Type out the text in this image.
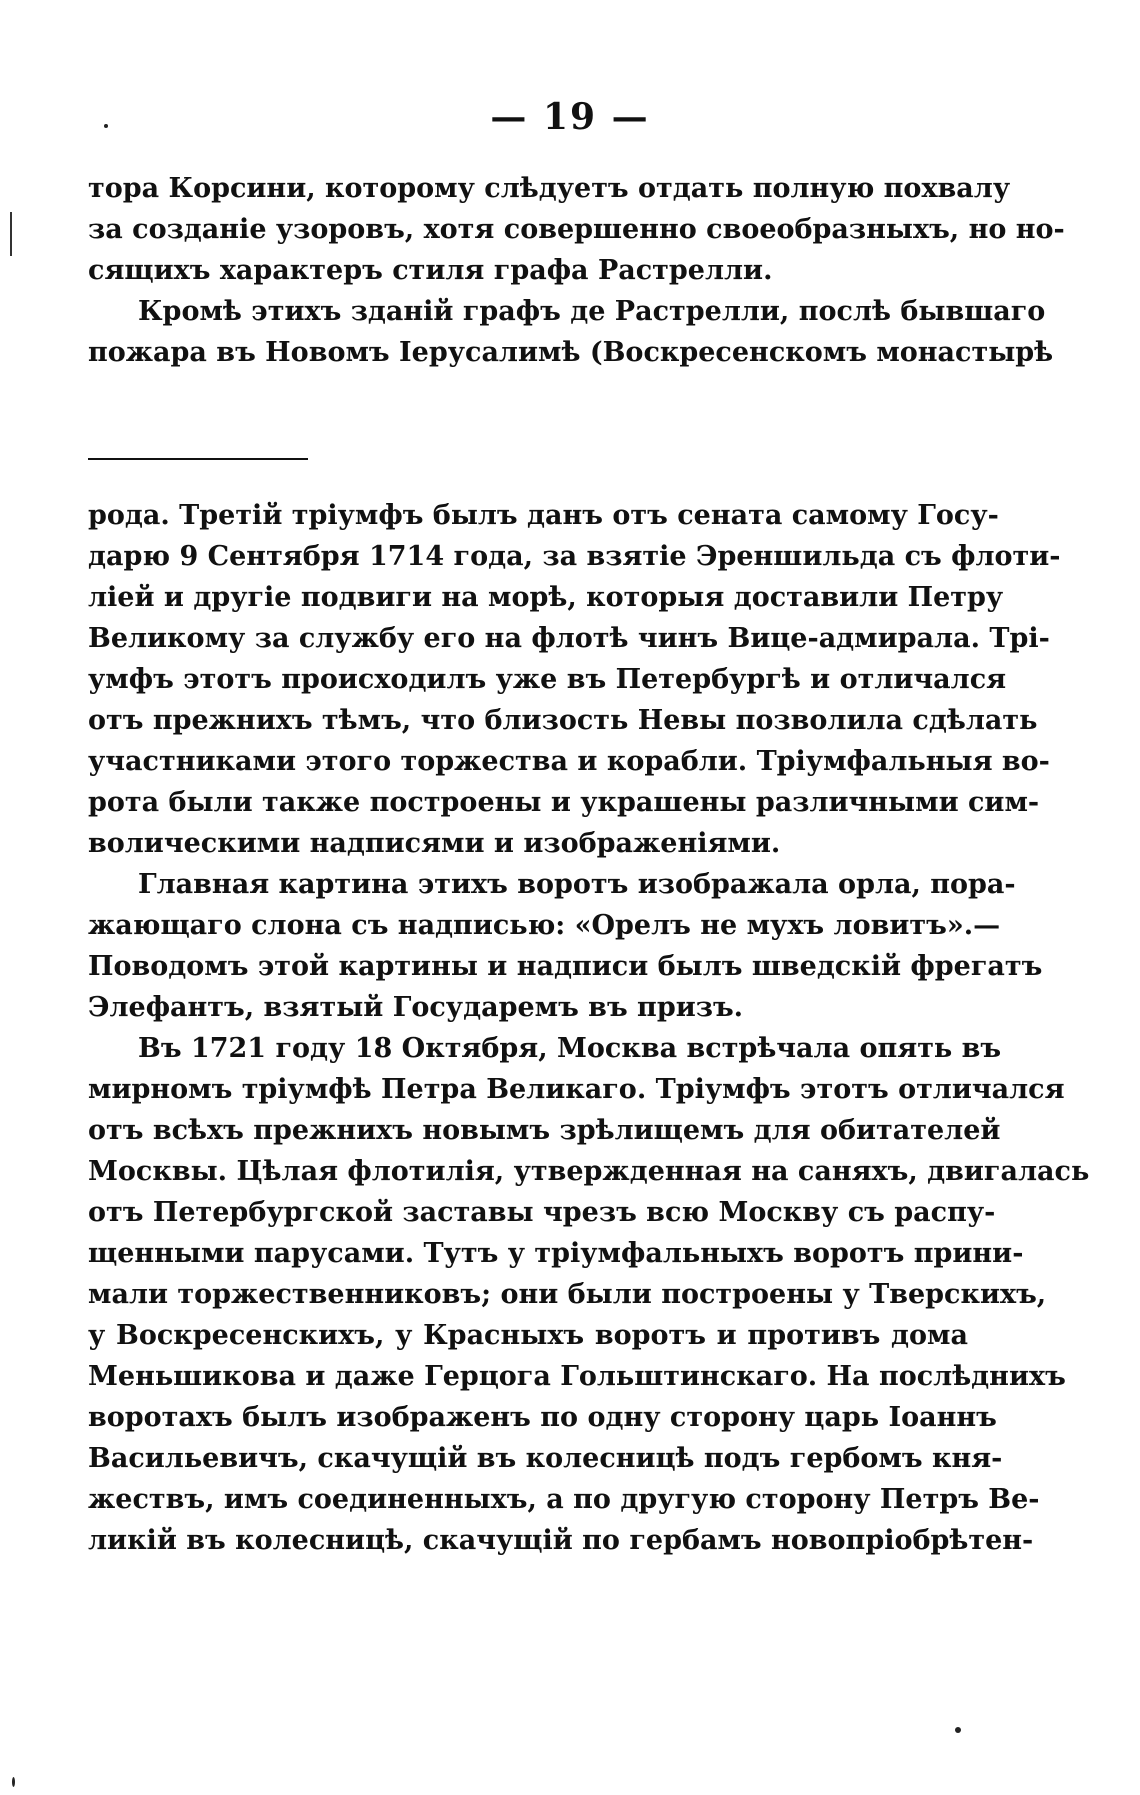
— 19 —
тора Корсини, которому слѣдуетъ отдать полную похвалу
за созданіе узоровъ, хотя совершенно своеобразныхъ, но но-
сящихъ характеръ стиля графа Растрелли.
Кромѣ этихъ зданій графъ де Растрелли, послѣ бывшаго
пожара въ Новомъ Іерусалимѣ (Воскресенскомъ монастырѣ
рода. Третій тріумфъ былъ данъ отъ сената самому Госу-
дарю 9 Сентября 1714 года, за взятіе Эреншильда съ флоти-
ліей и другіе подвиги на морѣ, которыя доставили Петру
Великому за службу его на флотѣ чинъ Вице-адмирала. Трі-
умфъ этотъ происходилъ уже въ Петербургѣ и отличался
отъ прежнихъ тѣмъ, что близость Невы позволила сдѣлать
участниками этого торжества и корабли. Тріумфальныя во-
рота были также построены и украшены различными сим-
волическими надписями и изображеніями.
Главная картина этихъ воротъ изображала орла, пора-
жающаго слона съ надписью: «Орелъ не мухъ ловитъ».—
Поводомъ этой картины и надписи былъ шведскій фрегатъ
Элефантъ, взятый Государемъ въ призъ.
Въ 1721 году 18 Октября, Москва встрѣчала опять въ
мирномъ тріумфѣ Петра Великаго. Тріумфъ этотъ отличался
отъ всѣхъ прежнихъ новымъ зрѣлищемъ для обитателей
Москвы. Цѣлая флотилія, утвержденная на саняхъ, двигалась
отъ Петербургской заставы чрезъ всю Москву съ распу-
щенными парусами. Тутъ у тріумфальныхъ воротъ прини-
мали торжественниковъ; они были построены у Тверскихъ,
у Воскресенскихъ, у Красныхъ воротъ и противъ дома
Меньшикова и даже Герцога Гольштинскаго. На послѣднихъ
воротахъ былъ изображенъ по одну сторону царь Іоаннъ
Васильевичъ, скачущій въ колесницѣ подъ гербомъ кня-
жествъ, имъ соединенныхъ, а по другую сторону Петръ Ве-
ликій въ колесницѣ, скачущій по гербамъ новопріобрѣтен-
